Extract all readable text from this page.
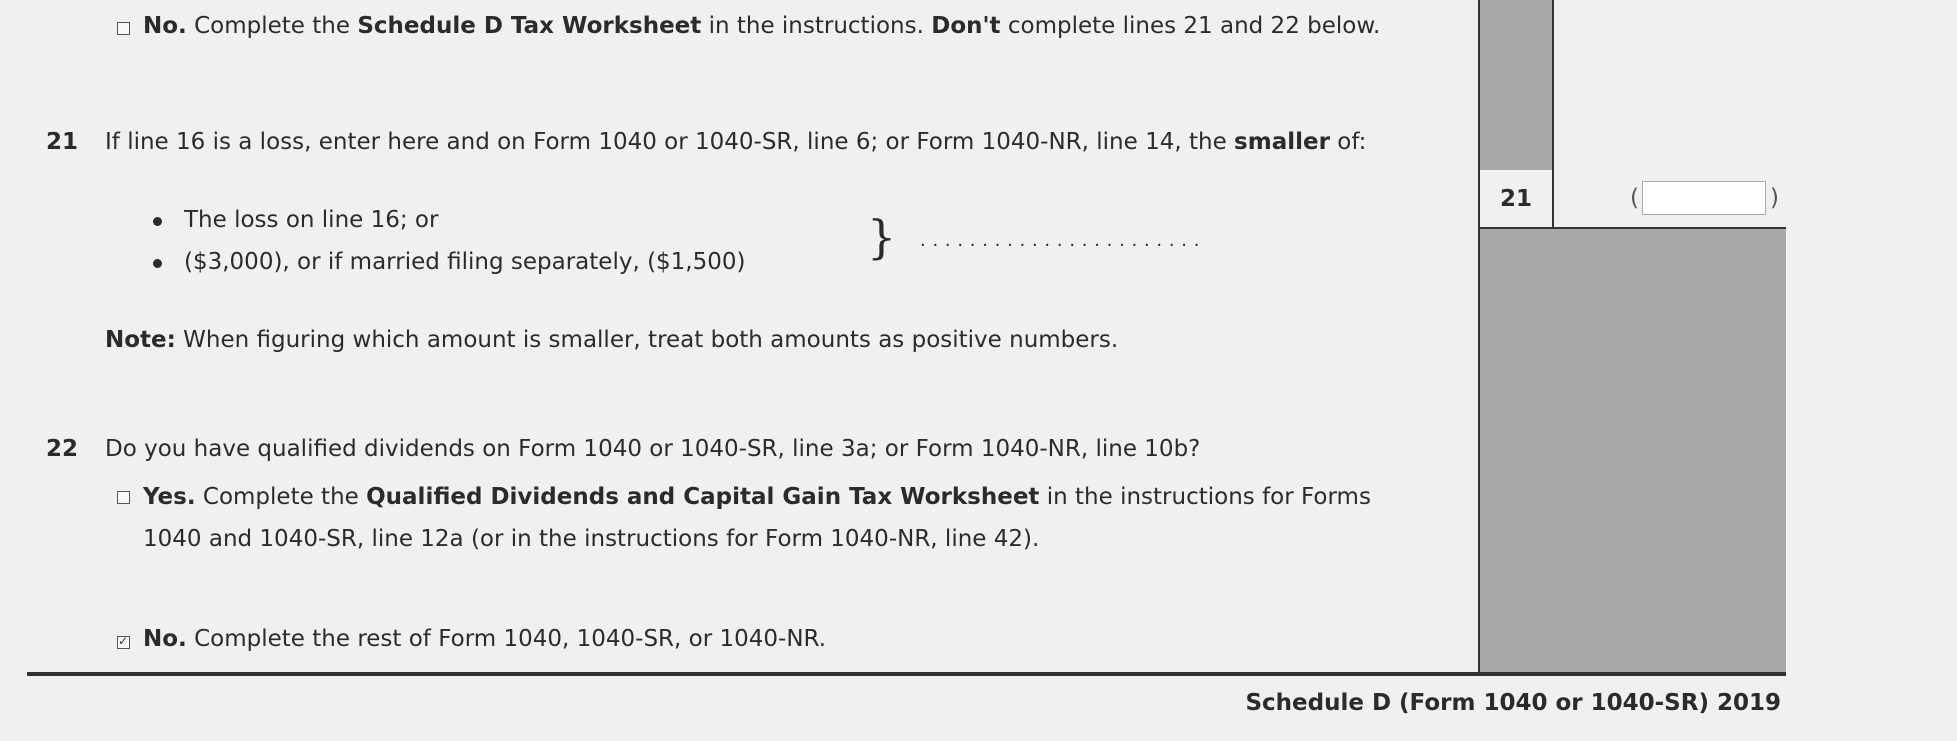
No. Complete the Schedule D Tax Worksheet in the instructions. Don't complete lines 21 and 22 below.
21 If line 16 is a loss, enter here and on Form 1040 or 1040-SR, line 6; or Form 1040-NR, line 14, the smaller of:
The loss on line 16; or
($3,000), or if married filing separately, ($1,500)	} . . . . . . . . . . . . . . . . . . . . . . .
Note: When figuring which amount is smaller, treat both amounts as positive numbers.
21	(	)
22 Do you have qualified dividends on Form 1040 or 1040-SR, line 3a; or Form 1040-NR, line 10b?
Yes. Complete the Qualified Dividends and Capital Gain Tax Worksheet in the instructions for Forms
1040 and 1040-SR, line 12a (or in the instructions for Form 1040-NR, line 42).
✓
No. Complete the rest of Form 1040, 1040-SR, or 1040-NR.
Schedule D (Form 1040 or 1040-SR) 2019
